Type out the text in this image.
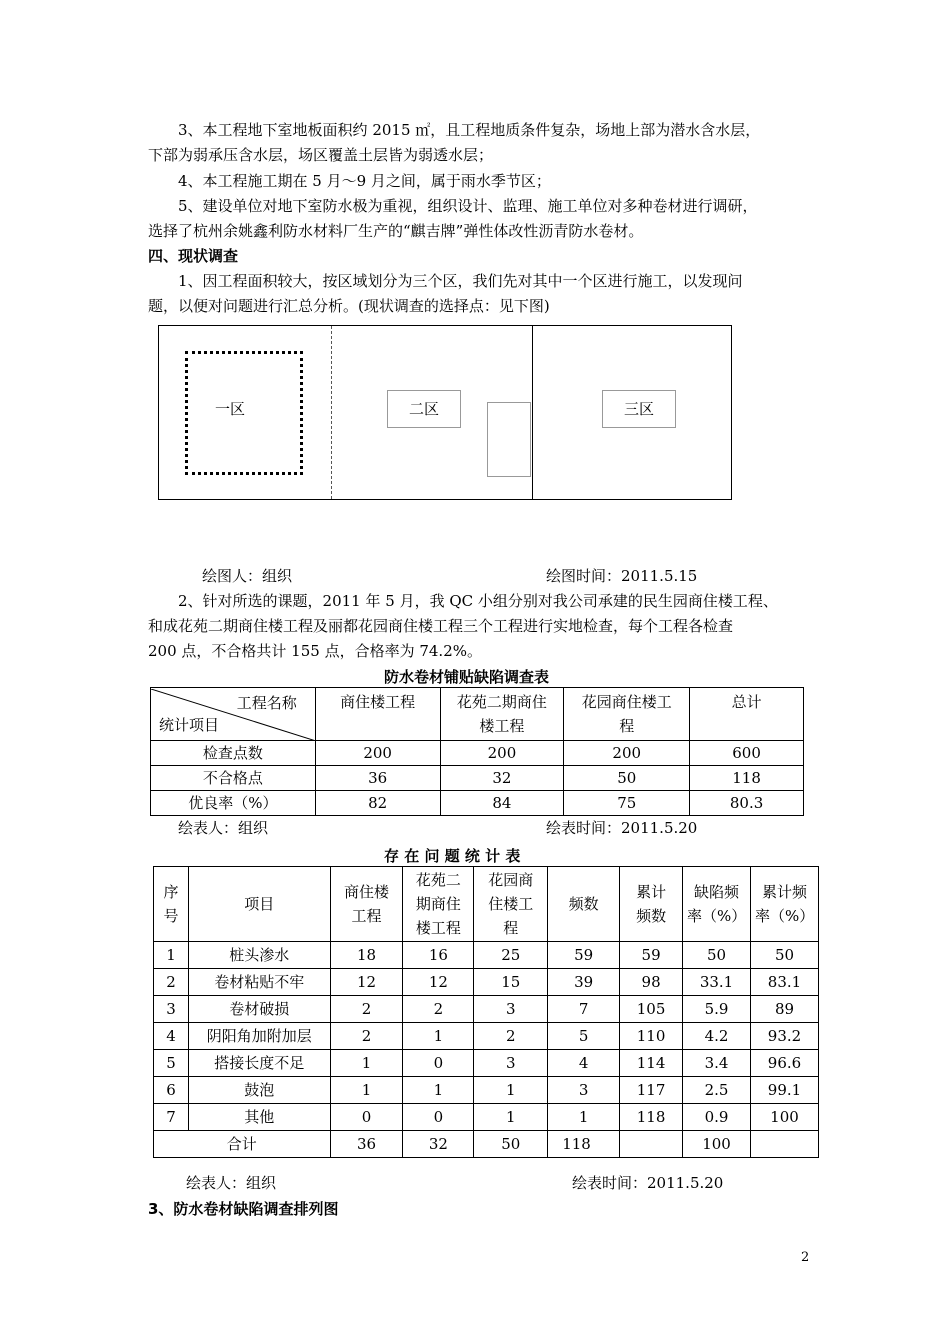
3、本工程地下室地板面积约 2015 ㎡，且工程地质条件复杂，场地上部为潜水含水层，
下部为弱承压含水层，场区覆盖土层皆为弱透水层；
4、本工程施工期在 5 月～9 月之间，属于雨水季节区；
5、建设单位对地下室防水极为重视，组织设计、监理、施工单位对多种卷材进行调研，
选择了杭州余姚鑫利防水材料厂生产的“麒吉牌”弹性体改性沥青防水卷材。
四、现状调查
1、因工程面积较大，按区域划分为三个区，我们先对其中一个区进行施工，以发现问
题，以便对问题进行汇总分析。(现状调查的选择点：见下图)
一区	二区	三区
绘图人：组织	绘图时间：2011.5.15
2、针对所选的课题，2011 年 5 月，我 QC 小组分别对我公司承建的民生园商住楼工程、
和成花苑二期商住楼工程及丽都花园商住楼工程三个工程进行实地检查，每个工程各检查
200 点，不合格共计 155 点，合格率为 74.2%。
防水卷材铺贴缺陷调查表
工程名称
统计项目	商住楼工程	花苑二期商住楼工程	花园商住楼工程	总计

检查点数	200	200	200	600
不合格点	36	32	50	118
优良率（%）	82	84	75	80.3
绘表人：组织	绘表时间：2011.5.20
存 在 问 题 统 计 表
序号	项目	商住楼工程	花苑二期商住楼工程	花园商住楼工程	频数	累计频数	缺陷频率（%）	累计频率（%）
1	桩头渗水	18	16	25	59	59	50	50
2	卷材粘贴不牢	12	12	15	39	98	33.1	83.1
3	卷材破损	2	2	3	7	105	5.9	89
4	阴阳角加附加层	2	1	2	5	110	4.2	93.2
5	搭接长度不足	1	0	3	4	114	3.4	96.6
6	鼓泡	1	1	1	3	117	2.5	99.1
7	其他	0	0	1	1	118	0.9	100
合计		36	32	50	118		100	
绘表人：组织	绘表时间：2011.5.20
3、防水卷材缺陷调查排列图
2
